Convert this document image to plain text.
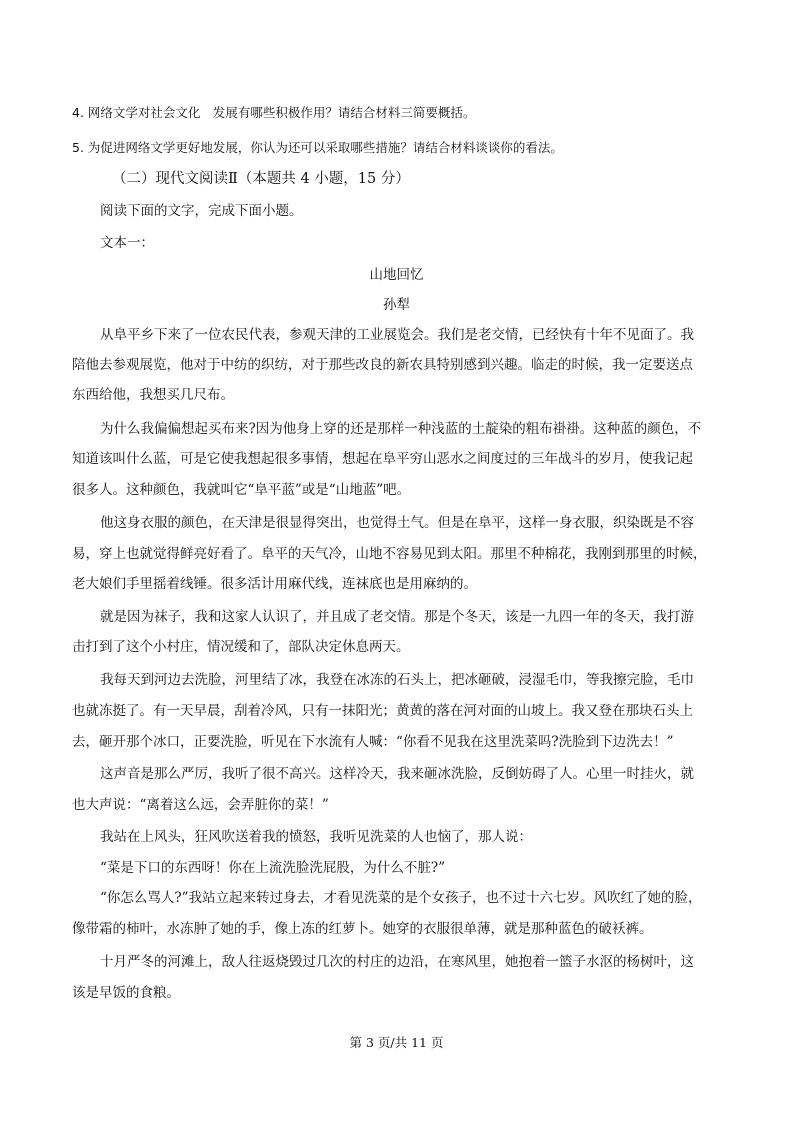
4. 网络文学对社会文化　发展有哪些积极作用？请结合材料三简要概括。
5. 为促进网络文学更好地发展，你认为还可以采取哪些措施？请结合材料谈谈你的看法。
（二）现代文阅读Ⅱ（本题共 4 小题，15 分）
阅读下面的文字，完成下面小题。
文本一：
山地回忆
孙犁
从阜平乡下来了一位农民代表，参观天津的工业展览会。我们是老交情，已经快有十年不见面了。我
陪他去参观展览，他对于中纺的织纺，对于那些改良的新农具特别感到兴趣。临走的时候，我一定要送点
东西给他，我想买几尺布。
为什么我偏偏想起买布来?因为他身上穿的还是那样一种浅蓝的土靛染的粗布褂褂。这种蓝的颜色，不
知道该叫什么蓝，可是它使我想起很多事情，想起在阜平穷山恶水之间度过的三年战斗的岁月，使我记起
很多人。这种颜色，我就叫它“阜平蓝”或是“山地蓝”吧。
他这身衣服的颜色，在天津是很显得突出，也觉得土气。但是在阜平，这样一身衣服，织染既是不容
易，穿上也就觉得鲜亮好看了。阜平的天气冷，山地不容易见到太阳。那里不种棉花，我刚到那里的时候，
老大娘们手里摇着线锤。很多活计用麻代线，连袜底也是用麻纳的。
就是因为袜子，我和这家人认识了，并且成了老交情。那是个冬天，该是一九四一年的冬天，我打游
击打到了这个小村庄，情况缓和了，部队决定休息两天。
我每天到河边去洗脸，河里结了冰，我登在冰冻的石头上，把冰砸破，浸湿毛巾，等我擦完脸，毛巾
也就冻挺了。有一天早晨，刮着冷风，只有一抹阳光；黄黄的落在河对面的山坡上。我又登在那块石头上
去，砸开那个冰口，正要洗脸，听见在下水流有人喊：“你看不见我在这里洗菜吗?洗脸到下边洗去！”
这声音是那么严厉，我听了很不高兴。这样冷天，我来砸冰洗脸，反倒妨碍了人。心里一时挂火，就
也大声说：“离着这么远，会弄脏你的菜！”
我站在上风头，狂风吹送着我的愤怒，我听见洗菜的人也恼了，那人说：
“菜是下口的东西呀！你在上流洗脸洗屁股，为什么不脏?”
“你怎么骂人?”我站立起来转过身去，才看见洗菜的是个女孩子，也不过十六七岁。风吹红了她的脸，
像带霜的柿叶，水冻肿了她的手，像上冻的红萝卜。她穿的衣服很单薄，就是那种蓝色的破袄裤。
十月严冬的河滩上，敌人往返烧毁过几次的村庄的边沿，在寒风里，她抱着一篮子水沤的杨树叶，这
该是早饭的食粮。
第 3 页/共 11 页
